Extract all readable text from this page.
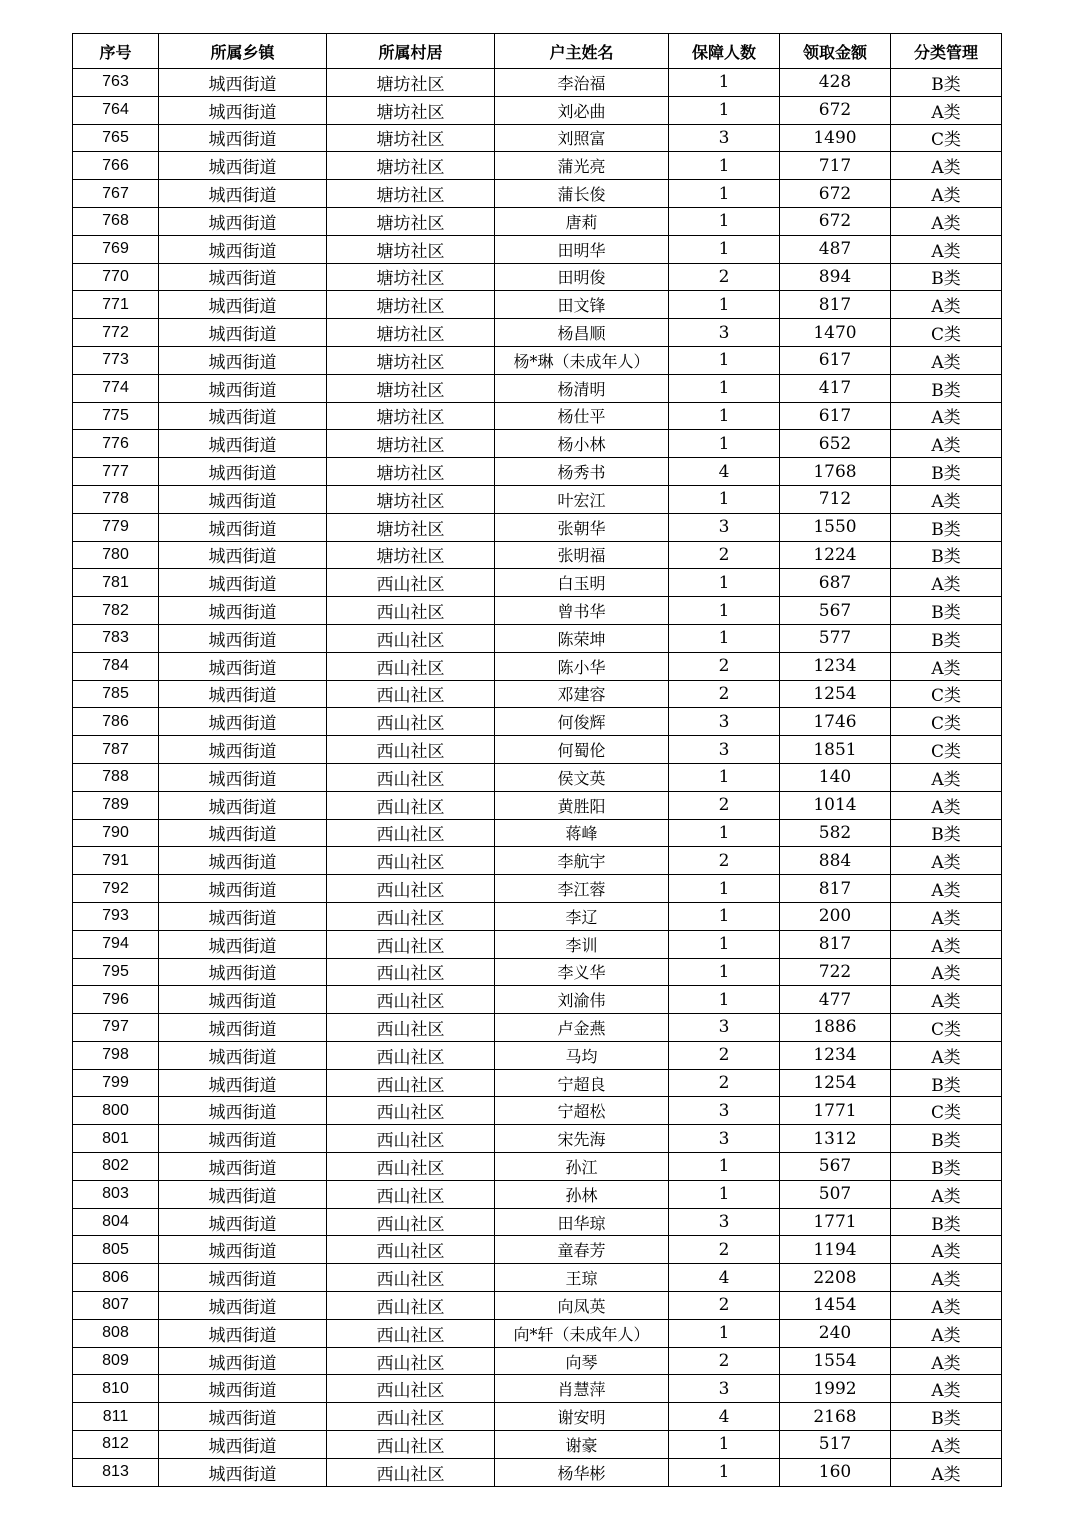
序号	所属乡镇	所属村居	户主姓名	保障人数	领取金额	分类管理
763	城西街道	塘坊社区	李治福	1	428	B类
764	城西街道	塘坊社区	刘必曲	1	672	A类
765	城西街道	塘坊社区	刘照富	3	1490	C类
766	城西街道	塘坊社区	蒲光亮	1	717	A类
767	城西街道	塘坊社区	蒲长俊	1	672	A类
768	城西街道	塘坊社区	唐莉	1	672	A类
769	城西街道	塘坊社区	田明华	1	487	A类
770	城西街道	塘坊社区	田明俊	2	894	B类
771	城西街道	塘坊社区	田文锋	1	817	A类
772	城西街道	塘坊社区	杨昌顺	3	1470	C类
773	城西街道	塘坊社区	杨*琳（未成年人）	1	617	A类
774	城西街道	塘坊社区	杨清明	1	417	B类
775	城西街道	塘坊社区	杨仕平	1	617	A类
776	城西街道	塘坊社区	杨小林	1	652	A类
777	城西街道	塘坊社区	杨秀书	4	1768	B类
778	城西街道	塘坊社区	叶宏江	1	712	A类
779	城西街道	塘坊社区	张朝华	3	1550	B类
780	城西街道	塘坊社区	张明福	2	1224	B类
781	城西街道	西山社区	白玉明	1	687	A类
782	城西街道	西山社区	曾书华	1	567	B类
783	城西街道	西山社区	陈荣坤	1	577	B类
784	城西街道	西山社区	陈小华	2	1234	A类
785	城西街道	西山社区	邓建容	2	1254	C类
786	城西街道	西山社区	何俊辉	3	1746	C类
787	城西街道	西山社区	何蜀伦	3	1851	C类
788	城西街道	西山社区	侯文英	1	140	A类
789	城西街道	西山社区	黄胜阳	2	1014	A类
790	城西街道	西山社区	蒋峰	1	582	B类
791	城西街道	西山社区	李航宇	2	884	A类
792	城西街道	西山社区	李江蓉	1	817	A类
793	城西街道	西山社区	李辽	1	200	A类
794	城西街道	西山社区	李训	1	817	A类
795	城西街道	西山社区	李义华	1	722	A类
796	城西街道	西山社区	刘渝伟	1	477	A类
797	城西街道	西山社区	卢金燕	3	1886	C类
798	城西街道	西山社区	马均	2	1234	A类
799	城西街道	西山社区	宁超良	2	1254	B类
800	城西街道	西山社区	宁超松	3	1771	C类
801	城西街道	西山社区	宋先海	3	1312	B类
802	城西街道	西山社区	孙江	1	567	B类
803	城西街道	西山社区	孙林	1	507	A类
804	城西街道	西山社区	田华琼	3	1771	B类
805	城西街道	西山社区	童春芳	2	1194	A类
806	城西街道	西山社区	王琼	4	2208	A类
807	城西街道	西山社区	向凤英	2	1454	A类
808	城西街道	西山社区	向*轩（未成年人）	1	240	A类
809	城西街道	西山社区	向琴	2	1554	A类
810	城西街道	西山社区	肖慧萍	3	1992	A类
811	城西街道	西山社区	谢安明	4	2168	B类
812	城西街道	西山社区	谢豪	1	517	A类
813	城西街道	西山社区	杨华彬	1	160	A类
